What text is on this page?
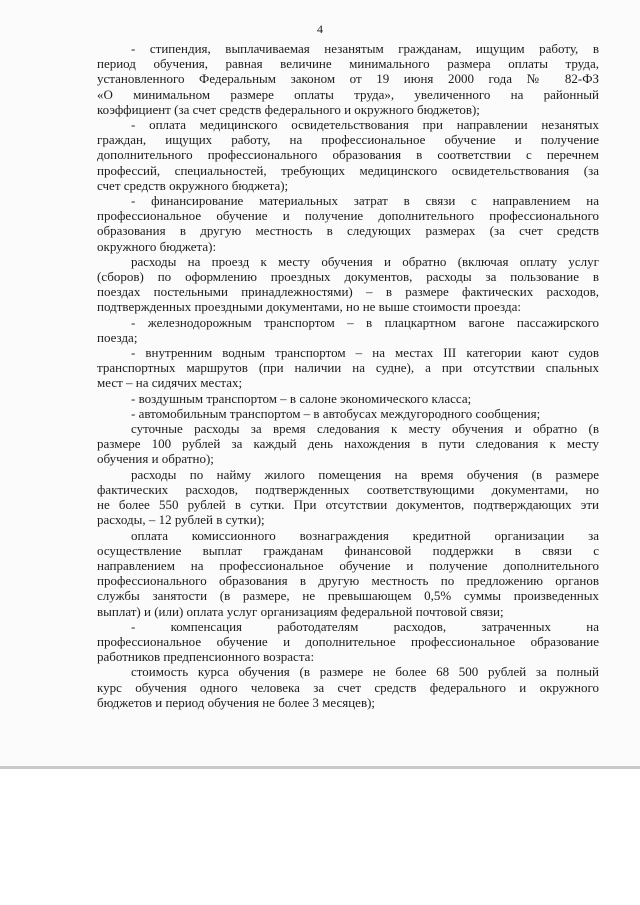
4
- стипендия, выплачиваемая незанятым гражданам, ищущим работу, в
период обучения, равная величине минимального размера оплаты труда,
установленного Федеральным законом от 19 июня 2000 года № 82-ФЗ
«О минимальном размере оплаты труда», увеличенного на районный
коэффициент (за счет средств федерального и окружного бюджетов);
- оплата медицинского освидетельствования при направлении незанятых
граждан, ищущих работу, на профессиональное обучение и получение
дополнительного профессионального образования в соответствии с перечнем
профессий, специальностей, требующих медицинского освидетельствования (за
счет средств окружного бюджета);
- финансирование материальных затрат в связи с направлением на
профессиональное обучение и получение дополнительного профессионального
образования в другую местность в следующих размерах (за счет средств
окружного бюджета):
расходы на проезд к месту обучения и обратно (включая оплату услуг
(сборов) по оформлению проездных документов, расходы за пользование в
поездах постельными принадлежностями) – в размере фактических расходов,
подтвержденных проездными документами, но не выше стоимости проезда:
- железнодорожным транспортом – в плацкартном вагоне пассажирского
поезда;
- внутренним водным транспортом – на местах III категории кают судов
транспортных маршрутов (при наличии на судне), а при отсутствии спальных
мест – на сидячих местах;
- воздушным транспортом – в салоне экономического класса;
- автомобильным транспортом – в автобусах междугородного сообщения;
суточные расходы за время следования к месту обучения и обратно (в
размере 100 рублей за каждый день нахождения в пути следования к месту
обучения и обратно);
расходы по найму жилого помещения на время обучения (в размере
фактических расходов, подтвержденных соответствующими документами, но
не более 550 рублей в сутки. При отсутствии документов, подтверждающих эти
расходы, – 12 рублей в сутки);
оплата комиссионного вознаграждения кредитной организации за
осуществление выплат гражданам финансовой поддержки в связи с
направлением на профессиональное обучение и получение дополнительного
профессионального образования в другую местность по предложению органов
службы занятости (в размере, не превышающем 0,5% суммы произведенных
выплат) и (или) оплата услуг организациям федеральной почтовой связи;
- компенсация работодателям расходов, затраченных на
профессиональное обучение и дополнительное профессиональное образование
работников предпенсионного возраста:
стоимость курса обучения (в размере не более 68 500 рублей за полный
курс обучения одного человека за счет средств федерального и окружного
бюджетов и период обучения не более 3 месяцев);
